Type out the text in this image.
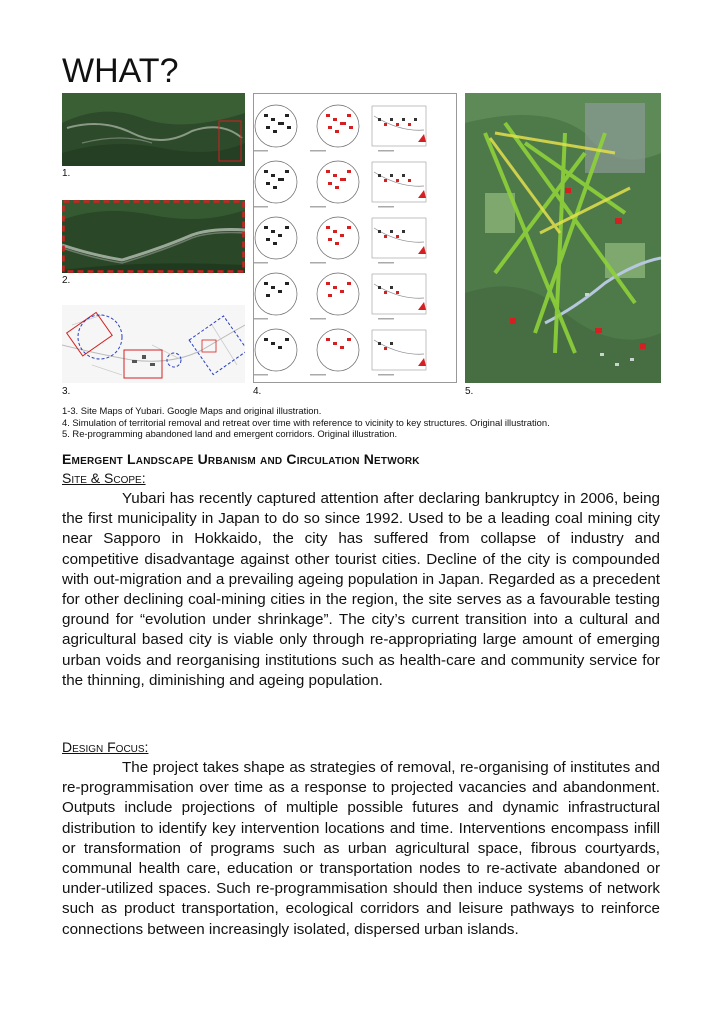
WHAT?
1.
2.
3.	4.	5.
1-3. Site Maps of Yubari. Google Maps and original illustration.
4. Simulation of territorial removal and retreat over time with reference to vicinity to key structures. Original illustration.
5. Re-programming abandoned land and emergent corridors. Original illustration.
Emergent Landscape Urbanism and Circulation Network
Site & Scope:

Yubari has recently captured attention after declaring bankruptcy in 2006, being the first municipality in Japan to do so since 1992. Used to be a leading coal mining city near Sapporo in Hokkaido, the city has suffered from collapse of industry and competitive disadvantage against other tourist cities. Decline of the city is compounded with out-migration and a prevailing ageing population in Japan. Regarded as a precedent for other declining coal-mining cities in the region, the site serves as a favourable testing ground for “evolution under shrinkage”. The city’s current transition into a cultural and agricultural based city is viable only through re-appropriating large amount of emerging urban voids and reorganising institutions such as health-care and community service for the thinning, diminishing and ageing population.

Design Focus:

The project takes shape as strategies of removal, re-organising of institutes and re-programmisation over time as a response to projected vacancies and abandonment. Outputs include projections of multiple possible futures and dynamic infrastructural distribution to identify key intervention locations and time. Interventions encompass infill or transformation of programs such as urban agricultural space, fibrous courtyards, communal health care, education or transportation nodes to re-activate abandoned or under-utilized spaces. Such re-programmisation should then induce systems of network such as product transportation, ecological corridors and leisure pathways to reinforce connections between increasingly isolated, dispersed urban islands.
